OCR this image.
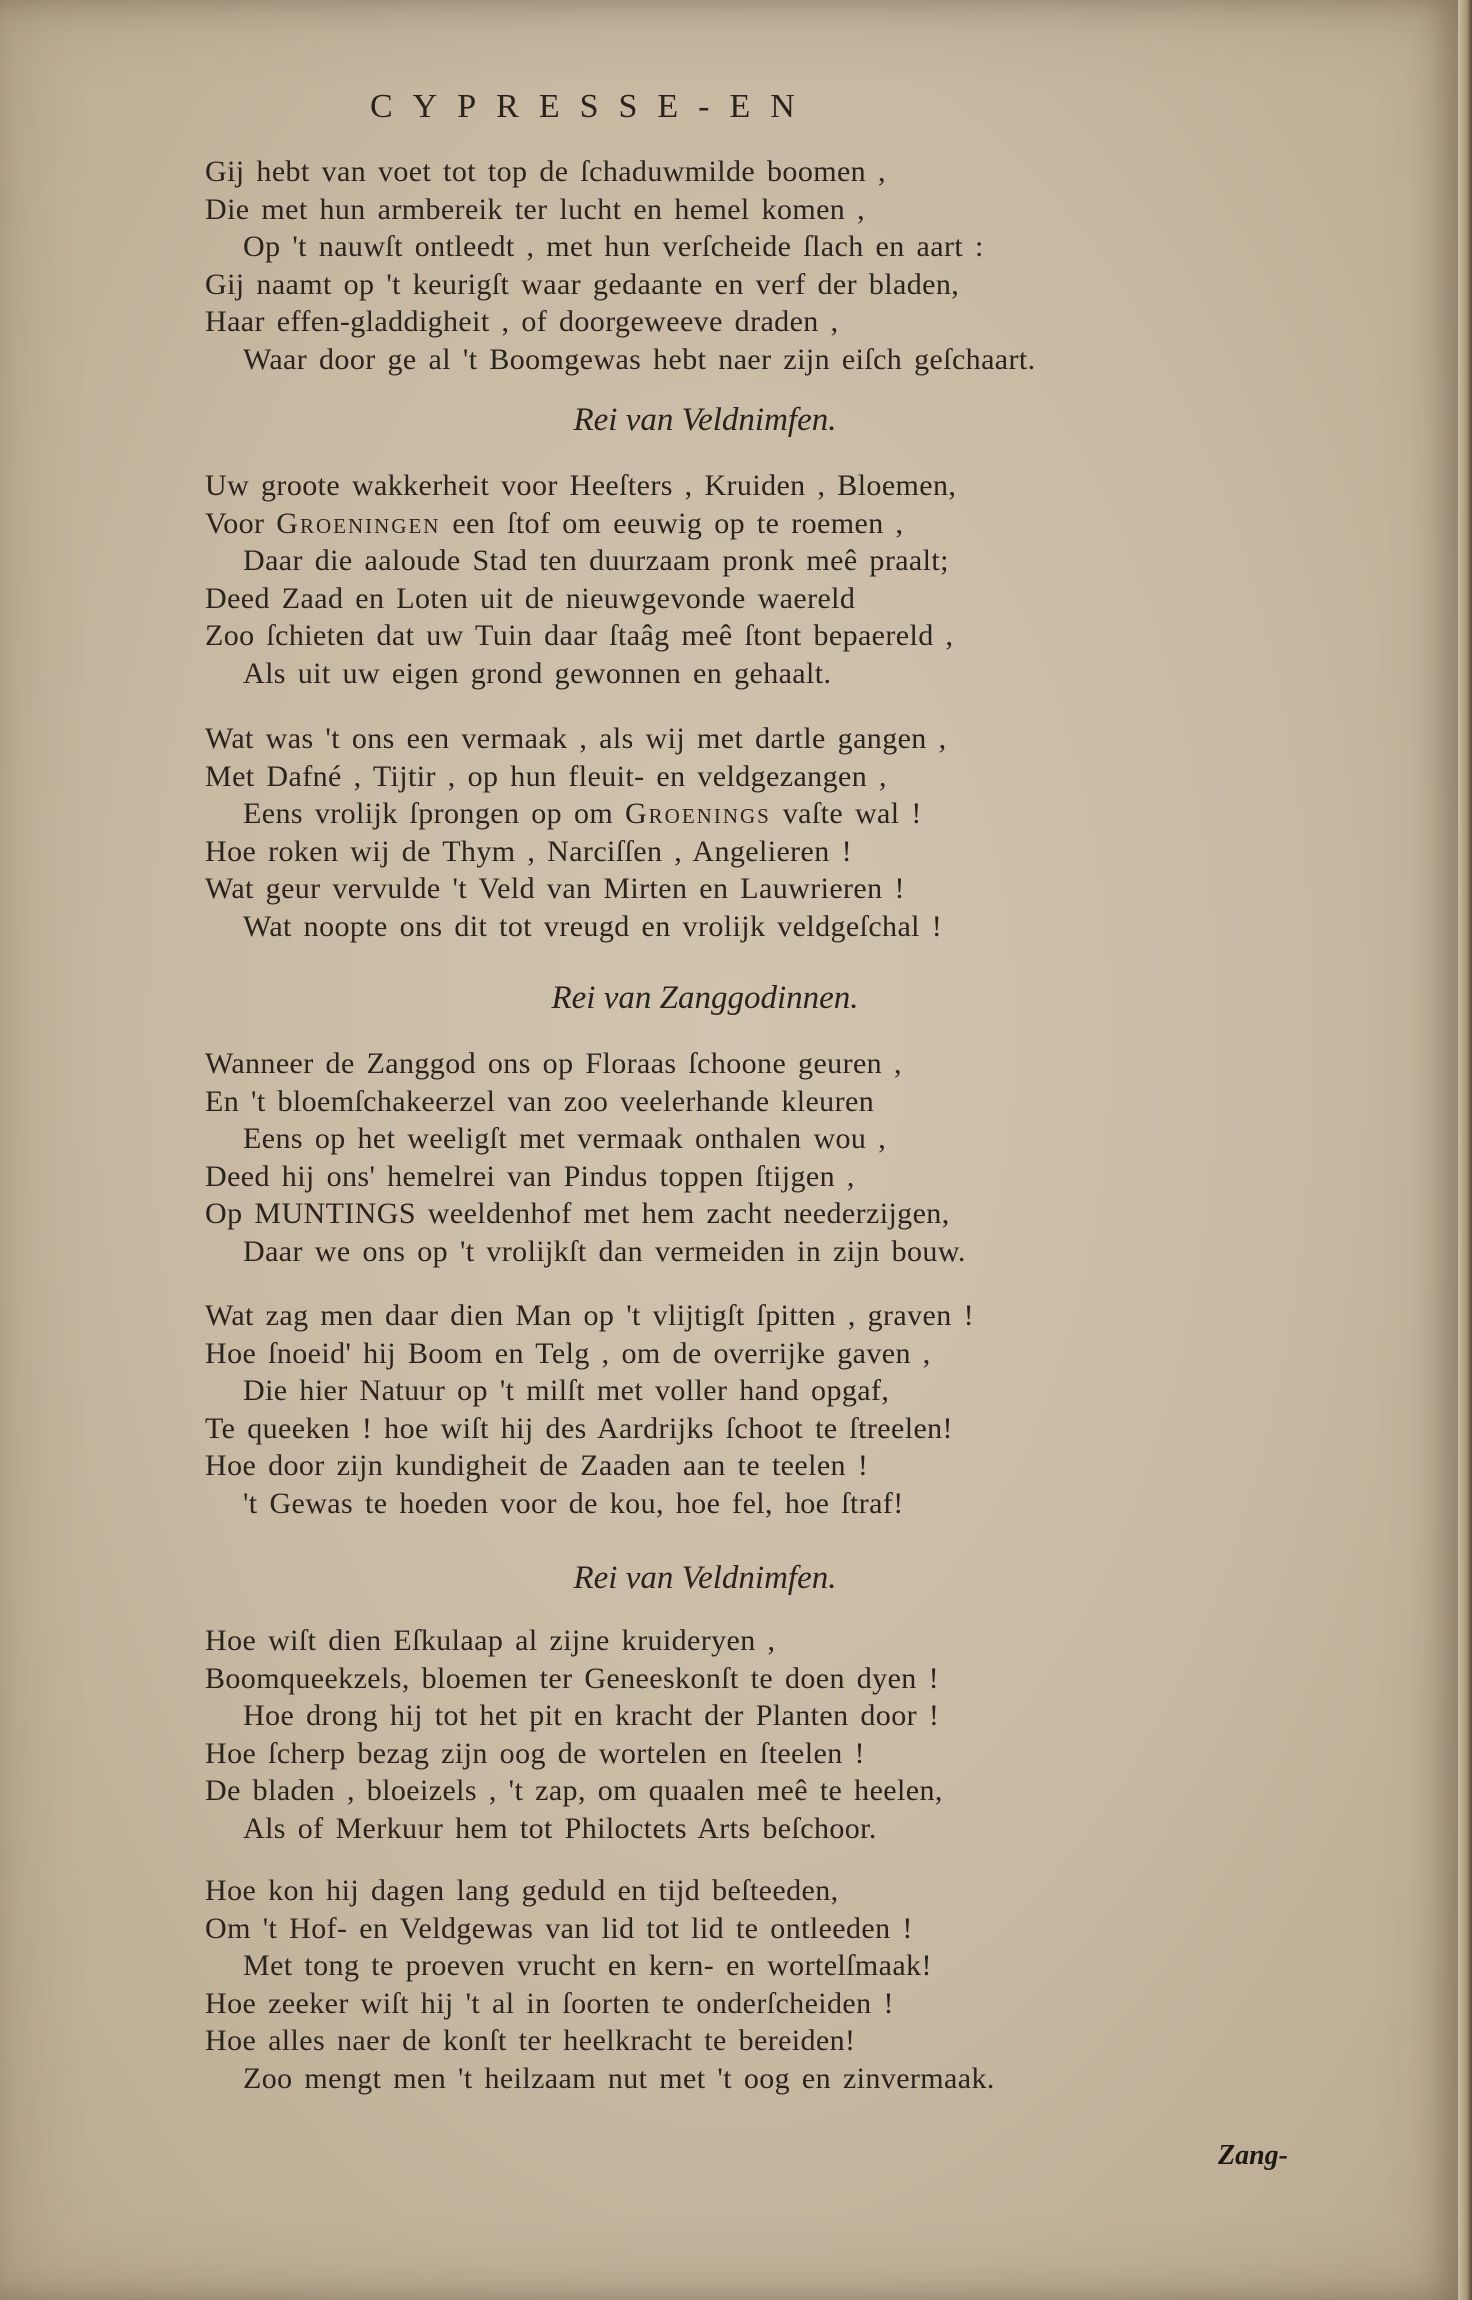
CYPRESSE-EN
Gij hebt van voet tot top de ſchaduwmilde boomen ,
Die met hun armbereik ter lucht en hemel komen ,
Op 't nauwſt ontleedt , met hun verſcheide ſlach en aart :
Gij naamt op 't keurigſt waar gedaante en verf der bladen,
Haar effen-gladdigheit , of doorgeweeve draden ,
Waar door ge al 't Boomgewas hebt naer zijn eiſch geſchaart.
Rei van Veldnimfen.
Uw groote wakkerheit voor Heeſters , Kruiden , Bloemen,
Voor Groeningen een ſtof om eeuwig op te roemen ,
Daar die aaloude Stad ten duurzaam pronk meê praalt;
Deed Zaad en Loten uit de nieuwgevonde waereld
Zoo ſchieten dat uw Tuin daar ſtaâg meê ſtont bepaereld ,
Als uit uw eigen grond gewonnen en gehaalt.
Wat was 't ons een vermaak , als wij met dartle gangen ,
Met Dafné , Tijtir , op hun fleuit- en veldgezangen ,
Eens vrolijk ſprongen op om Groenings vaſte wal !
Hoe roken wij de Thym , Narciſſen , Angelieren !
Wat geur vervulde 't Veld van Mirten en Lauwrieren !
Wat noopte ons dit tot vreugd en vrolijk veldgeſchal !
Rei van Zanggodinnen.
Wanneer de Zanggod ons op Floraas ſchoone geuren ,
En 't bloemſchakeerzel van zoo veelerhande kleuren
Eens op het weeligſt met vermaak onthalen wou ,
Deed hij ons' hemelrei van Pindus toppen ſtijgen ,
Op MUNTINGS weeldenhof met hem zacht neederzijgen,
Daar we ons op 't vrolijkſt dan vermeiden in zijn bouw.
Wat zag men daar dien Man op 't vlijtigſt ſpitten , graven !
Hoe ſnoeid' hij Boom en Telg , om de overrijke gaven ,
Die hier Natuur op 't milſt met voller hand opgaf,
Te queeken ! hoe wiſt hij des Aardrijks ſchoot te ſtreelen!
Hoe door zijn kundigheit de Zaaden aan te teelen !
't Gewas te hoeden voor de kou, hoe fel, hoe ſtraf!
Rei van Veldnimfen.
Hoe wiſt dien Eſkulaap al zijne kruideryen ,
Boomqueekzels, bloemen ter Geneeskonſt te doen dyen !
Hoe drong hij tot het pit en kracht der Planten door !
Hoe ſcherp bezag zijn oog de wortelen en ſteelen !
De bladen , bloeizels , 't zap, om quaalen meê te heelen,
Als of Merkuur hem tot Philoctets Arts beſchoor.
Hoe kon hij dagen lang geduld en tijd beſteeden,
Om 't Hof- en Veldgewas van lid tot lid te ontleeden !
Met tong te proeven vrucht en kern- en wortelſmaak!
Hoe zeeker wiſt hij 't al in ſoorten te onderſcheiden !
Hoe alles naer de konſt ter heelkracht te bereiden!
Zoo mengt men 't heilzaam nut met 't oog en zinvermaak.
Zang-
